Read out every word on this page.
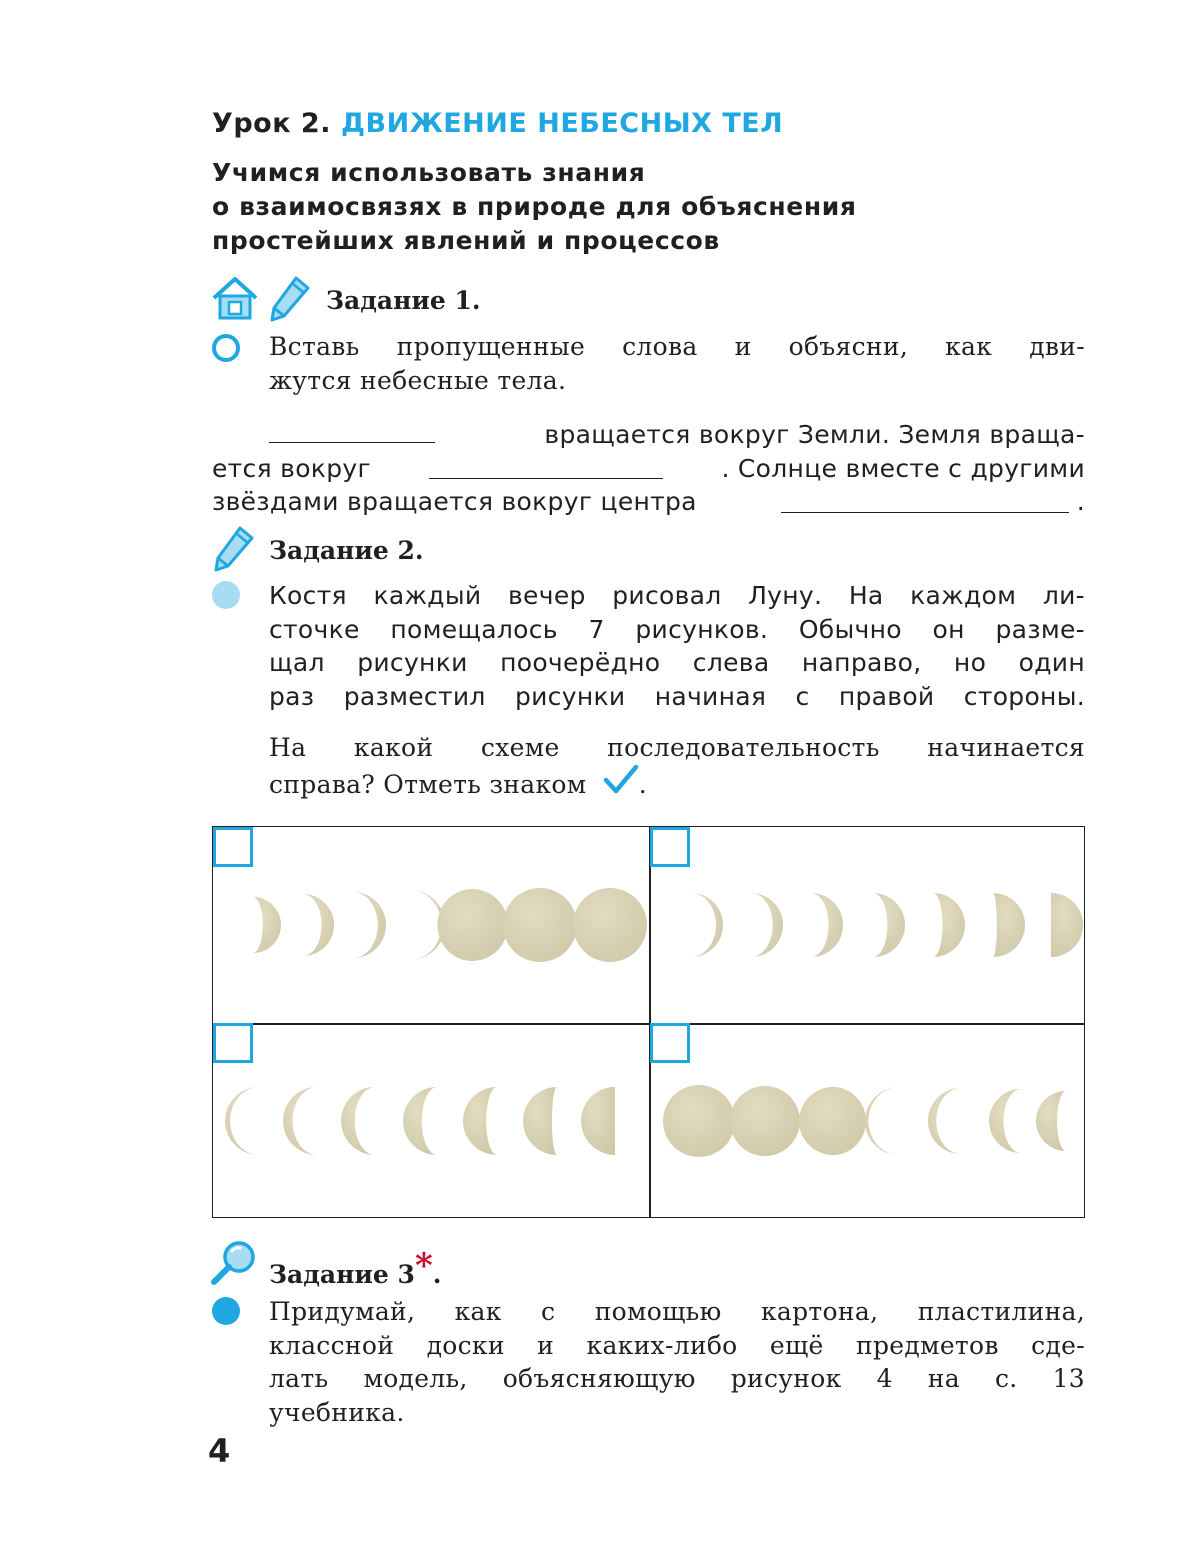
Урок 2. ДВИЖЕНИЕ НЕБЕСНЫХ ТЕЛ
Учимся использовать знания
о взаимосвязях в природе для объяснения
простейших явлений и процессов
Задание 1.
Вставь пропущенные слова и объясни, как дви-
жутся небесные тела.
вращается вокруг Земли. Земля враща-
ется вокруг	. Солнце вместе с другими
звёздами вращается вокруг центра	.
Задание 2.
Костя каждый вечер рисовал Луну. На каждом ли-
сточке помещалось 7 рисунков. Обычно он разме-
щал рисунки поочерёдно слева направо, но один
раз разместил рисунки начиная с правой стороны.
На какой схеме последовательность начинается
справа? Отметь знаком .
Задание 3*.
Придумай, как с помощью картона, пластилина,
классной доски и каких-либо ещё предметов сде-
лать модель, объясняющую рисунок 4 на с. 13
учебника.
4
